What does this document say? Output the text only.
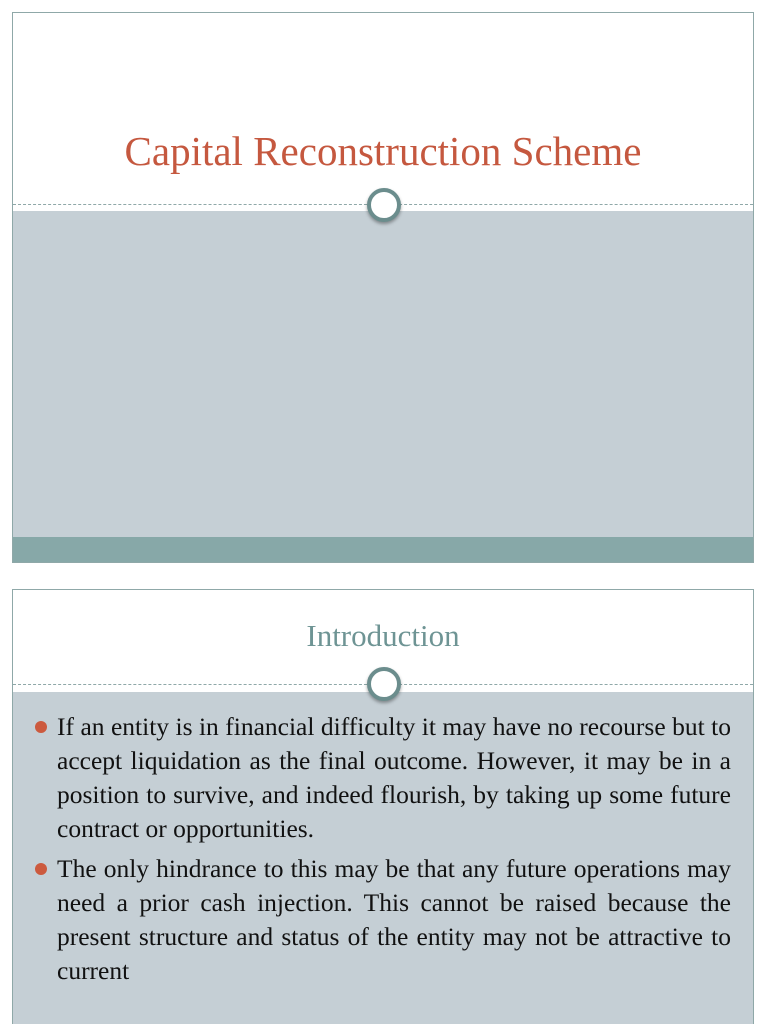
Capital Reconstruction Scheme
Introduction
If an entity is in financial difficulty it may have no recourse but to accept liquidation as the final outcome. However, it may be in a position to survive, and indeed flourish, by taking up some future contract or opportunities.
The only hindrance to this may be that any future operations may need a prior cash injection. This cannot be raised because the present structure and status of the entity may not be attractive to current
